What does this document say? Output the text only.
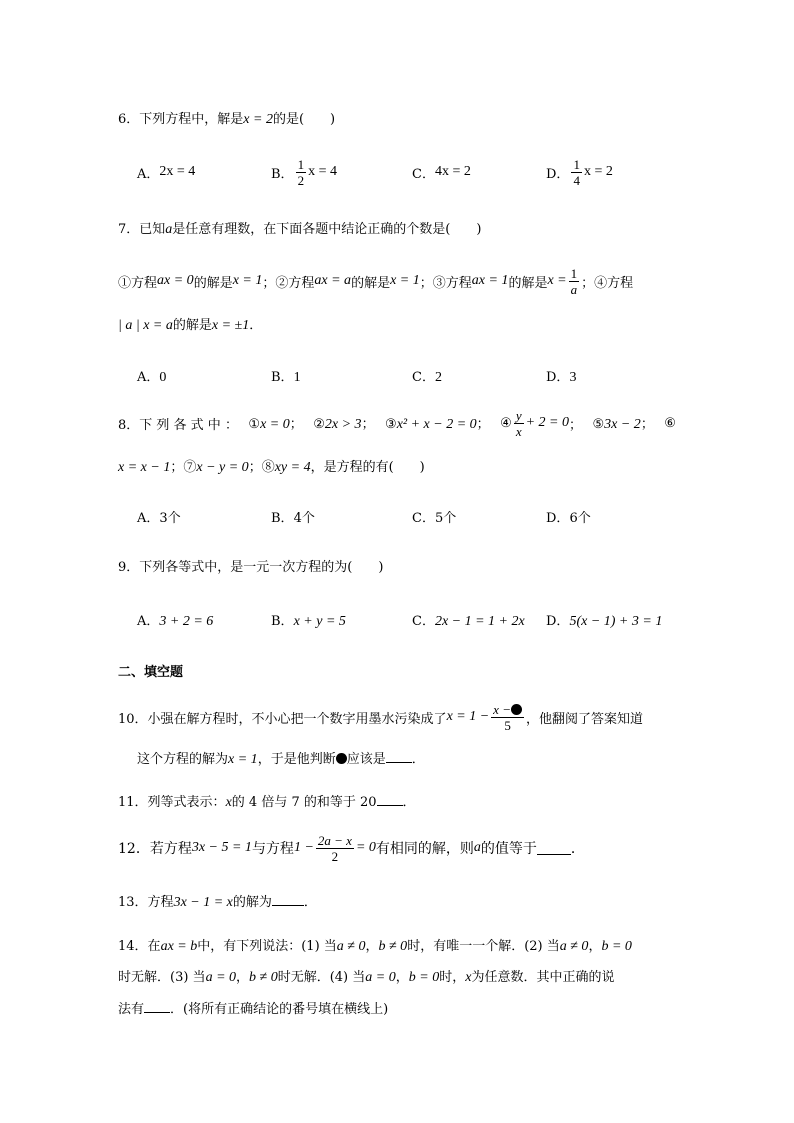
6．下列方程中，解是x = 2的是(　　)
A． 2x = 4	B． $\frac{1}{2}$ x = 4	C． 4x = 2	D． $\frac{1}{4}$ x = 2
7．已知a是任意有理数，在下面各题中结论正确的个数是(　　)
①方程 ax = 0 的解是 x = 1 ；②方程 ax = a 的解是 x = 1 ；③方程 ax = 1 的解是 $x = \frac{1}{a}$ ；④方程
| a | x = a的解是x = ±1．
A．0	B．1	C．2	D．3
8．下 列 各 式 中 ： ①x = 0； ②2x > 3； ③x² + x − 2 = 0； ④ $\frac{y}{x} + 2 = 0$ ； ⑤3x − 2； ⑥
x = x − 1；⑦x − y = 0；⑧xy = 4，是方程的有(　　)
A．3个	B．4个	C．5个	D．6个
9．下列各等式中，是一元一次方程的为(　　)
A．3 + 2 = 6	B．x + y = 5	C．2x − 1 = 1 + 2x D．5(x − 1) + 3 = 1
二、填空题
10． 小强在解方程时，不小心把一个数字用墨水污染成了 $x = 1 - \frac{x -}{5}$ ，他翻阅了答案知道
这个方程的解为x = 1，于是他判断 应该是 ．
11．列等式表示：x的 4 倍与 7 的和等于 20 ．
12． 若方程 3x − 5 = 1 与方程 $1 - \frac{2a - x}{2} = 0$ 有相同的解，则 a 的值等于 ．
13．方程3x − 1 = x的解为 ．
14．在ax = b中，有下列说法：(1) 当a ≠ 0，b ≠ 0时，有唯一一个解．(2) 当a ≠ 0，b = 0
时无解．(3) 当a = 0，b ≠ 0时无解．(4) 当a = 0，b = 0时，x为任意数．其中正确的说
法有 ．(将所有正确结论的番号填在横线上)
